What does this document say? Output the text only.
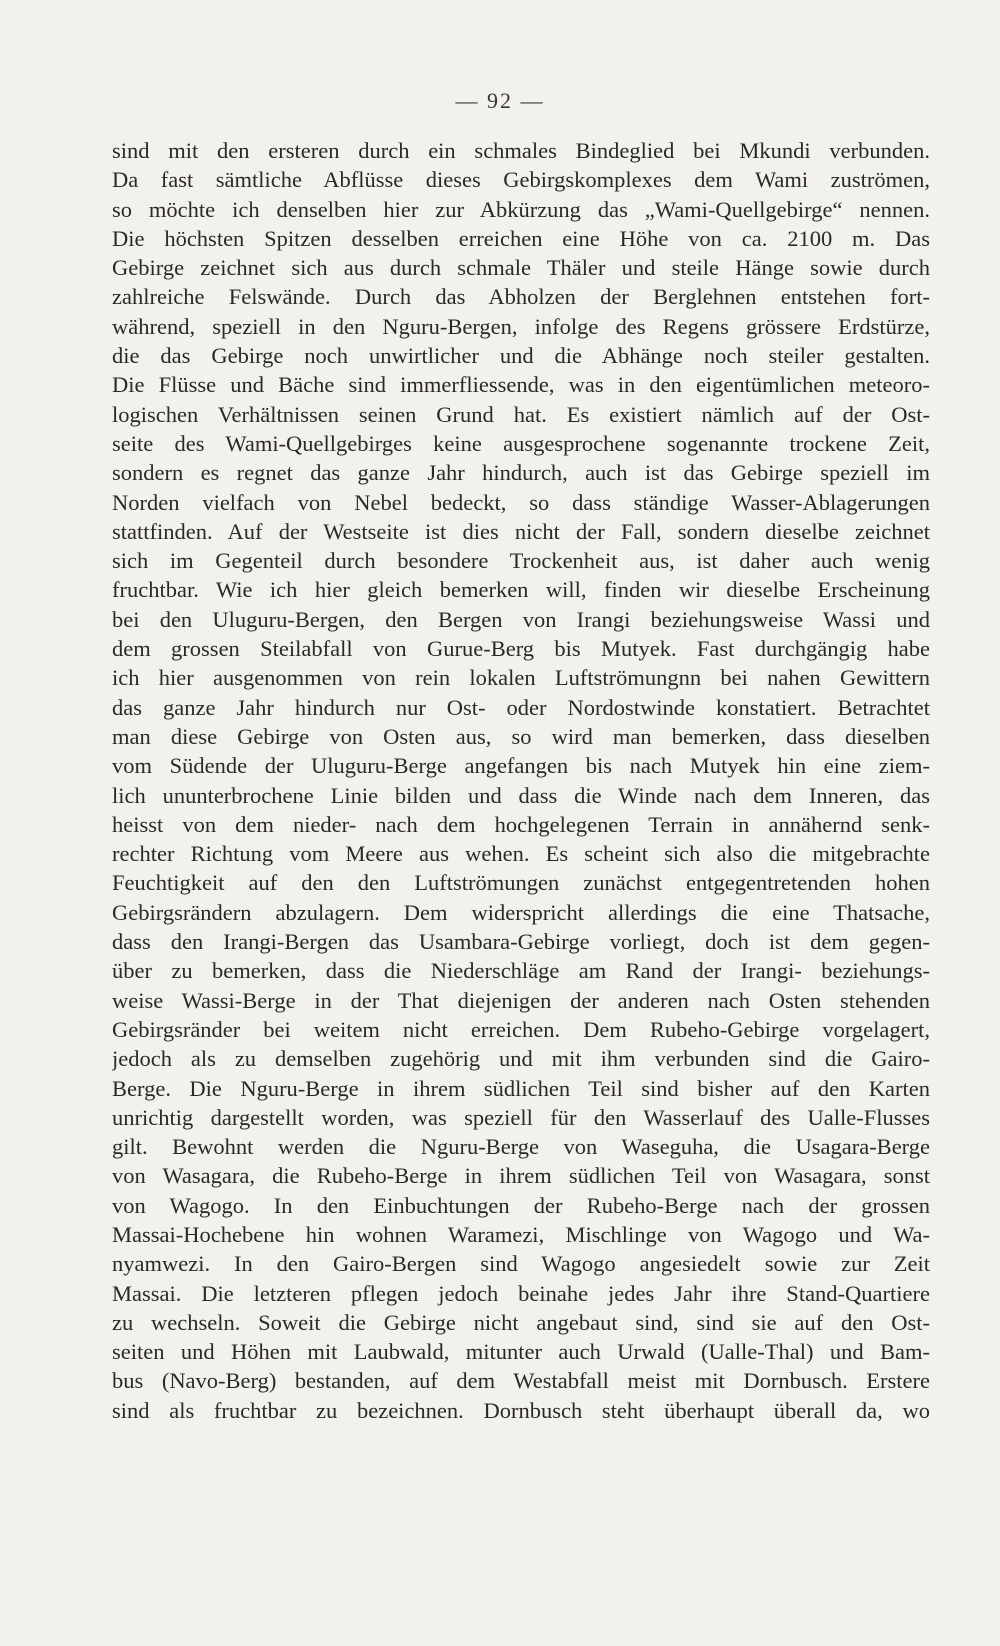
— 92 —
sind mit den ersteren durch ein schmales Bindeglied bei Mkundi verbunden.
Da fast sämtliche Abflüsse dieses Gebirgskomplexes dem Wami zuströmen,
so möchte ich denselben hier zur Abkürzung das „Wami-Quellgebirge“ nennen.
Die höchsten Spitzen desselben erreichen eine Höhe von ca. 2100 m. Das
Gebirge zeichnet sich aus durch schmale Thäler und steile Hänge sowie durch
zahlreiche Felswände. Durch das Abholzen der Berglehnen entstehen fort-
während, speziell in den Nguru-Bergen, infolge des Regens grössere Erdstürze,
die das Gebirge noch unwirtlicher und die Abhänge noch steiler gestalten.
Die Flüsse und Bäche sind immerfliessende, was in den eigentümlichen meteoro-
logischen Verhältnissen seinen Grund hat. Es existiert nämlich auf der Ost-
seite des Wami-Quellgebirges keine ausgesprochene sogenannte trockene Zeit,
sondern es regnet das ganze Jahr hindurch, auch ist das Gebirge speziell im
Norden vielfach von Nebel bedeckt, so dass ständige Wasser-Ablagerungen
stattfinden. Auf der Westseite ist dies nicht der Fall, sondern dieselbe zeichnet
sich im Gegenteil durch besondere Trockenheit aus, ist daher auch wenig
fruchtbar. Wie ich hier gleich bemerken will, finden wir dieselbe Erscheinung
bei den Uluguru-Bergen, den Bergen von Irangi beziehungsweise Wassi und
dem grossen Steilabfall von Gurue-Berg bis Mutyek. Fast durchgängig habe
ich hier ausgenommen von rein lokalen Luftströmungnn bei nahen Gewittern
das ganze Jahr hindurch nur Ost- oder Nordostwinde konstatiert. Betrachtet
man diese Gebirge von Osten aus, so wird man bemerken, dass dieselben
vom Südende der Uluguru-Berge angefangen bis nach Mutyek hin eine ziem-
lich ununterbrochene Linie bilden und dass die Winde nach dem Inneren, das
heisst von dem nieder- nach dem hochgelegenen Terrain in annähernd senk-
rechter Richtung vom Meere aus wehen. Es scheint sich also die mitgebrachte
Feuchtigkeit auf den den Luftströmungen zunächst entgegentretenden hohen
Gebirgsrändern abzulagern. Dem widerspricht allerdings die eine Thatsache,
dass den Irangi-Bergen das Usambara-Gebirge vorliegt, doch ist dem gegen-
über zu bemerken, dass die Niederschläge am Rand der Irangi- beziehungs-
weise Wassi-Berge in der That diejenigen der anderen nach Osten stehenden
Gebirgsränder bei weitem nicht erreichen. Dem Rubeho-Gebirge vorgelagert,
jedoch als zu demselben zugehörig und mit ihm verbunden sind die Gairo-
Berge. Die Nguru-Berge in ihrem südlichen Teil sind bisher auf den Karten
unrichtig dargestellt worden, was speziell für den Wasserlauf des Ualle-Flusses
gilt. Bewohnt werden die Nguru-Berge von Waseguha, die Usagara-Berge
von Wasagara, die Rubeho-Berge in ihrem südlichen Teil von Wasagara, sonst
von Wagogo. In den Einbuchtungen der Rubeho-Berge nach der grossen
Massai-Hochebene hin wohnen Waramezi, Mischlinge von Wagogo und Wa-
nyamwezi. In den Gairo-Bergen sind Wagogo angesiedelt sowie zur Zeit
Massai. Die letzteren pflegen jedoch beinahe jedes Jahr ihre Stand-Quartiere
zu wechseln. Soweit die Gebirge nicht angebaut sind, sind sie auf den Ost-
seiten und Höhen mit Laubwald, mitunter auch Urwald (Ualle-Thal) und Bam-
bus (Navo-Berg) bestanden, auf dem Westabfall meist mit Dornbusch. Erstere
sind als fruchtbar zu bezeichnen. Dornbusch steht überhaupt überall da, wo
